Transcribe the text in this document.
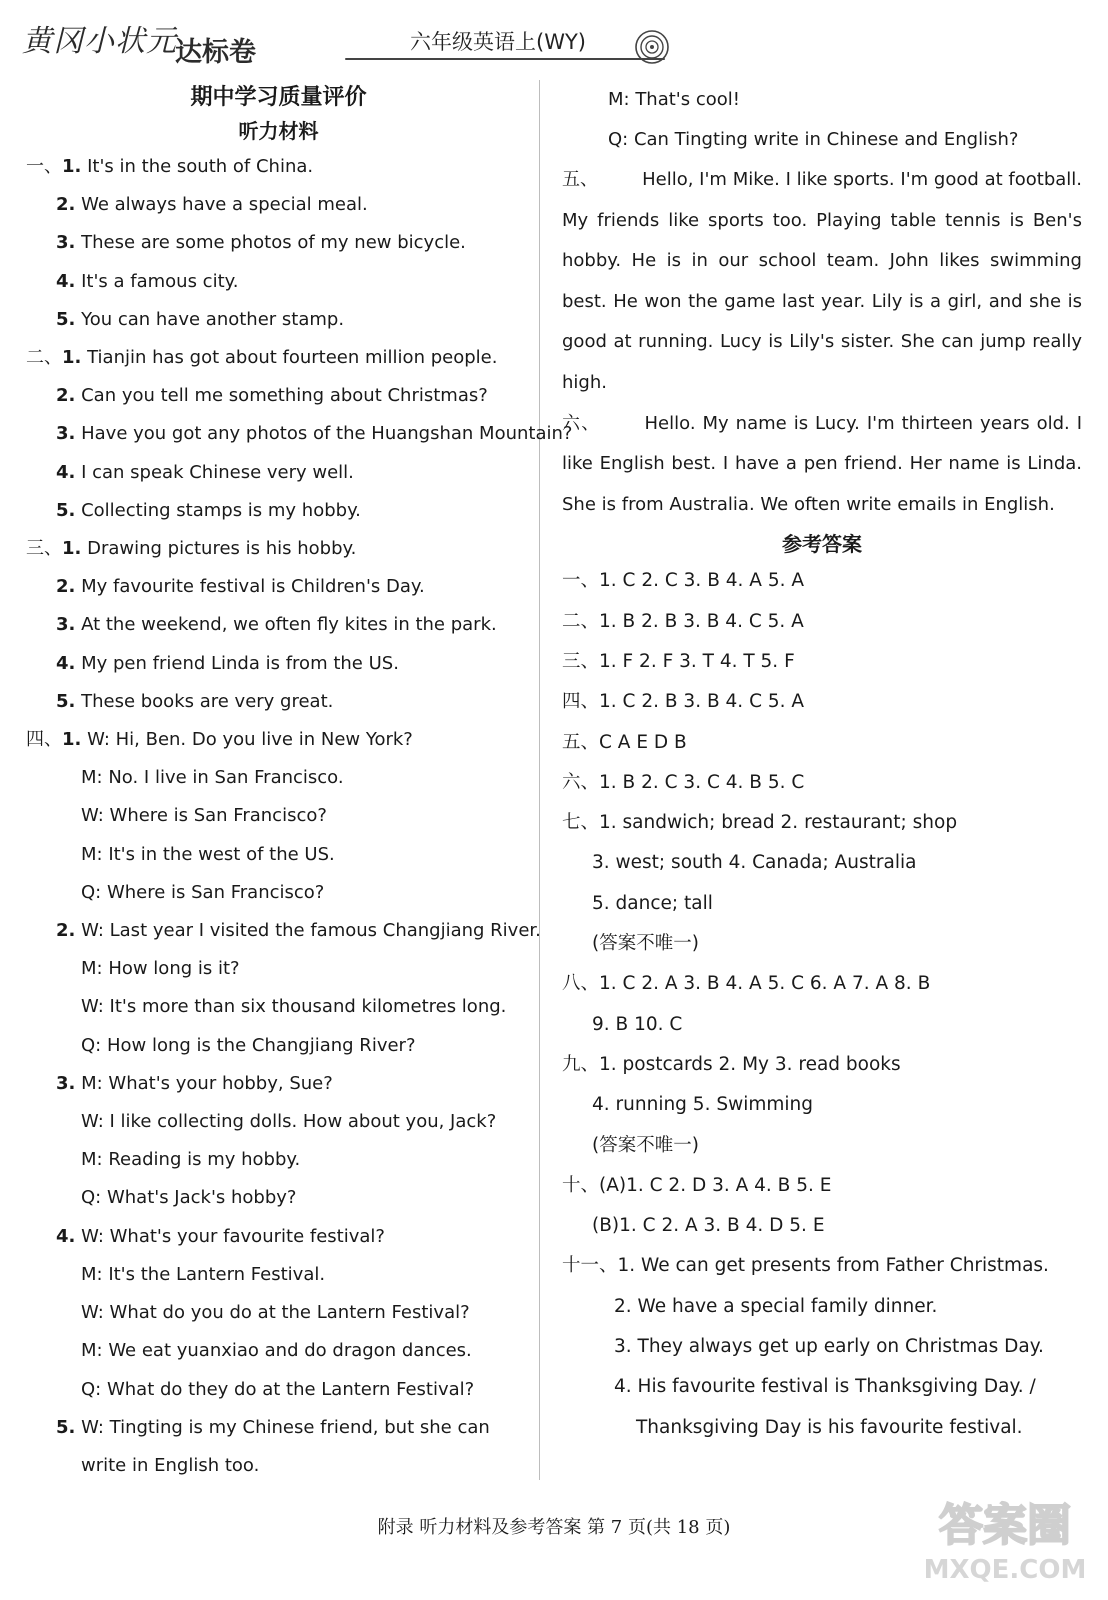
黄冈小状元
达标卷	六年级英语上(WY)
期中学习质量评价
听力材料
一、1. It's in the south of China.
2. We always have a special meal.
3. These are some photos of my new bicycle.
4. It's a famous city.
5. You can have another stamp.
二、1. Tianjin has got about fourteen million people.
2. Can you tell me something about Christmas?
3. Have you got any photos of the Huangshan Mountain?
4. I can speak Chinese very well.
5. Collecting stamps is my hobby.
三、1. Drawing pictures is his hobby.
2. My favourite festival is Children's Day.
3. At the weekend, we often fly kites in the park.
4. My pen friend Linda is from the US.
5. These books are very great.
四、1. W: Hi, Ben. Do you live in New York?
M: No. I live in San Francisco.
W: Where is San Francisco?
M: It's in the west of the US.
Q: Where is San Francisco?
2. W: Last year I visited the famous Changjiang River.
M: How long is it?
W: It's more than six thousand kilometres long.
Q: How long is the Changjiang River?
3. M: What's your hobby, Sue?
W: I like collecting dolls. How about you, Jack?
M: Reading is my hobby.
Q: What's Jack's hobby?
4. W: What's your favourite festival?
M: It's the Lantern Festival.
W: What do you do at the Lantern Festival?
M: We eat yuanxiao and do dragon dances.
Q: What do they do at the Lantern Festival?
5. W: Tingting is my Chinese friend, but she can
write in English too.
M: That's cool!
Q: Can Tingting write in Chinese and English?
五、 Hello, I'm Mike. I like sports. I'm good at football. My friends like sports too. Playing table tennis is Ben's hobby. He is in our school team. John likes swimming best. He won the game last year. Lily is a girl, and she is good at running. Lucy is Lily's sister. She can jump really high.
六、 Hello. My name is Lucy. I'm thirteen years old. I like English best. I have a pen friend. Her name is Linda. She is from Australia. We often write emails in English.
参考答案
一、1. C 2. C 3. B 4. A 5. A
二、1. B 2. B 3. B 4. C 5. A
三、1. F 2. F 3. T 4. T 5. F
四、1. C 2. B 3. B 4. C 5. A
五、C A E D B
六、1. B 2. C 3. C 4. B 5. C
七、1. sandwich; bread 2. restaurant; shop
3. west; south 4. Canada; Australia
5. dance; tall
(答案不唯一)
八、1. C 2. A 3. B 4. A 5. C 6. A 7. A 8. B
9. B 10. C
九、1. postcards 2. My 3. read books
4. running 5. Swimming
(答案不唯一)
十、(A)1. C 2. D 3. A 4. B 5. E
(B)1. C 2. A 3. B 4. D 5. E
十一、1. We can get presents from Father Christmas.
2. We have a special family dinner.
3. They always get up early on Christmas Day.
4. His favourite festival is Thanksgiving Day. /
Thanksgiving Day is his favourite festival.
附录 听力材料及参考答案 第 7 页(共 18 页)	答案圈
MXQE.COM
